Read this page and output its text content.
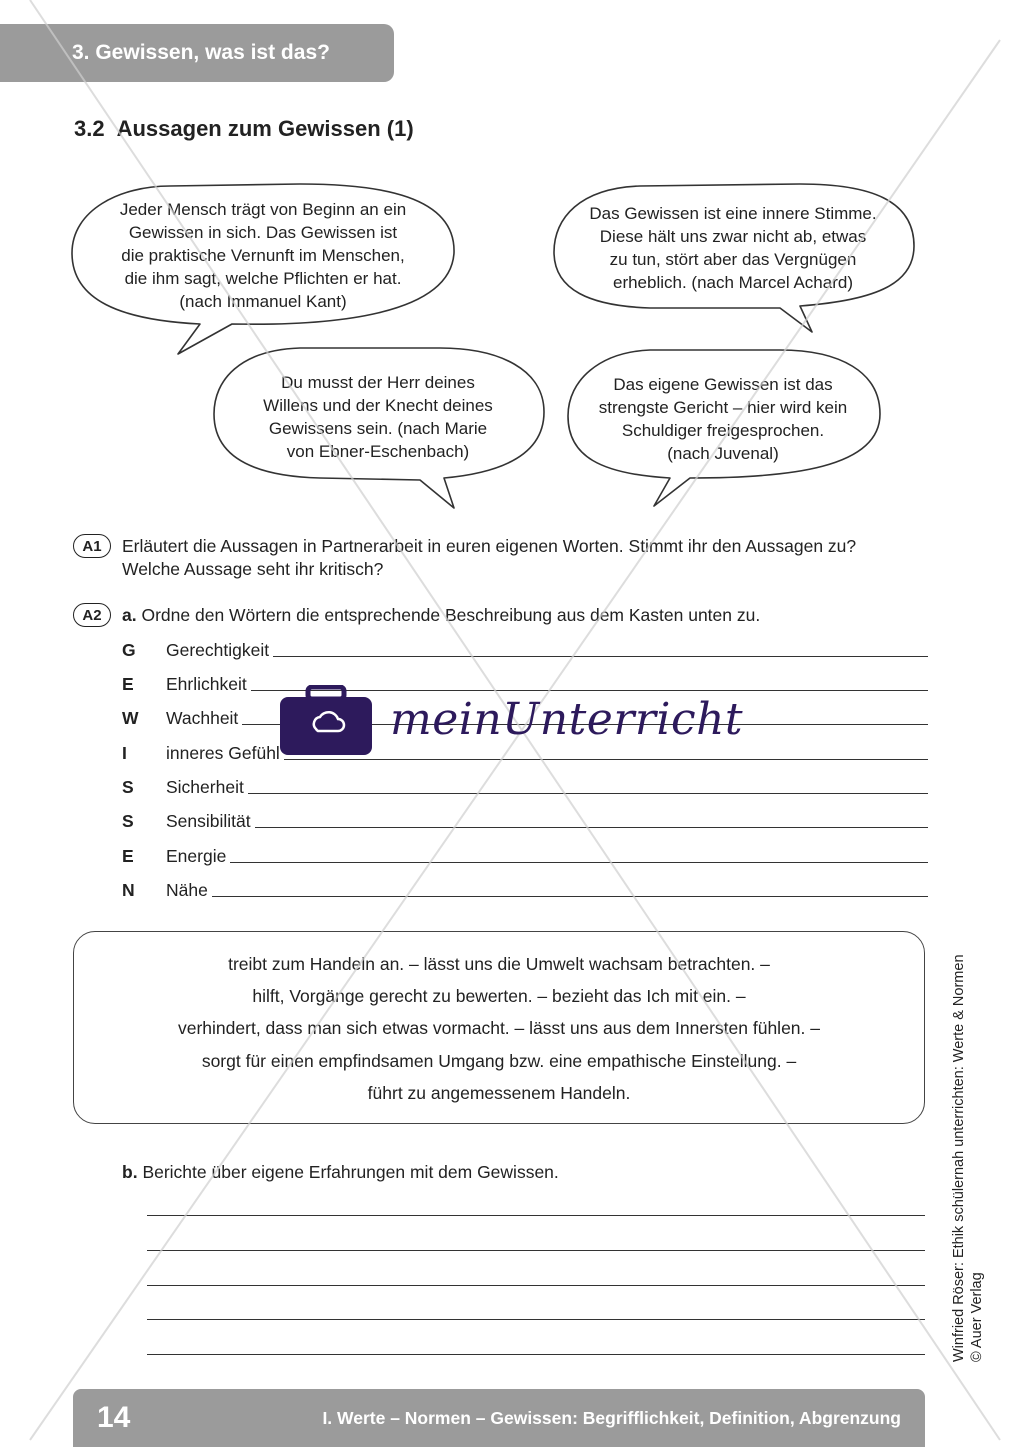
3. Gewissen, was ist das?
3.2 Aussagen zum Gewissen (1)
Jeder Mensch trägt von Beginn an ein
Gewissen in sich. Das Gewissen ist
die praktische Vernunft im Menschen,
die ihm sagt, welche Pflichten er hat.
(nach Immanuel Kant)
Das Gewissen ist eine innere Stimme.
Diese hält uns zwar nicht ab, etwas
zu tun, stört aber das Vergnügen
erheblich. (nach Marcel Achard)
Du musst der Herr deines
Willens und der Knecht deines
Gewissens sein. (nach Marie
von Ebner-Eschenbach)
Das eigene Gewissen ist das
strengste Gericht – hier wird kein
Schuldiger freigesprochen.
(nach Juvenal)
A1	Erläutert die Aussagen in Partnerarbeit in euren eigenen Worten. Stimmt ihr den Aussagen zu?
Welche Aussage seht ihr kritisch?
A2	a. Ordne den Wörtern die entsprechende Beschreibung aus dem Kasten unten zu.
G	Gerechtigkeit
E	Ehrlichkeit
W	Wachheit
I	inneres Gefühl
S	Sicherheit
S	Sensibilität
E	Energie
N	Nähe
treibt zum Handeln an. – lässt uns die Umwelt wachsam betrachten. –
hilft, Vorgänge gerecht zu bewerten. – bezieht das Ich mit ein. –
verhindert, dass man sich etwas vormacht. – lässt uns aus dem Innersten fühlen. –
sorgt für einen empfindsamen Umgang bzw. eine empathische Einstellung. –
führt zu angemessenem Handeln.
b. Berichte über eigene Erfahrungen mit dem Gewissen.	Winfried Röser: Ethik schülernah unterrichten: Werte & Normen © Auer Verlag
14	I. Werte – Normen – Gewissen: Begrifflichkeit, Definition, Abgrenzung
meinUnterricht
